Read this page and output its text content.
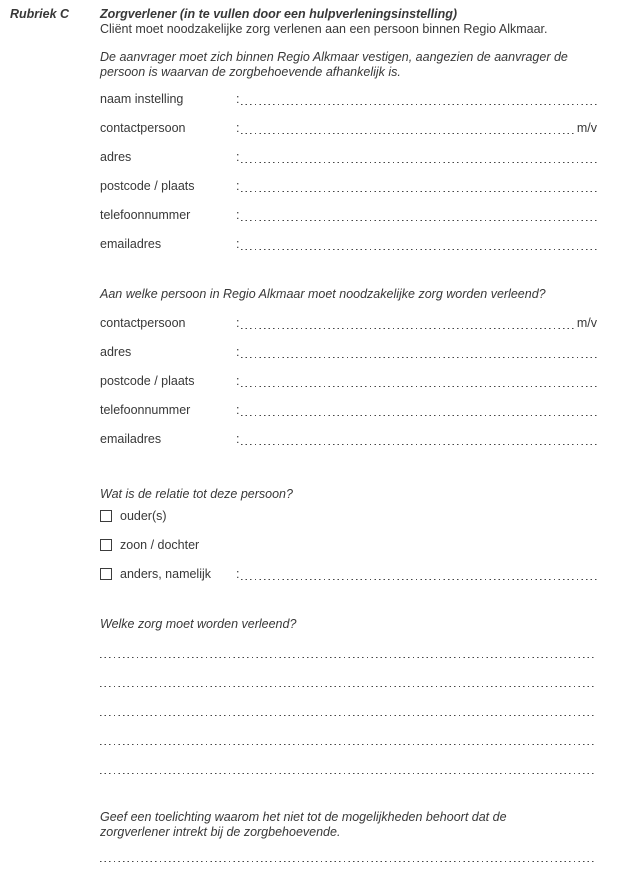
Rubriek C Zorgverlener (in te vullen door een hulpverleningsinstelling)
Cliënt moet noodzakelijke zorg verlenen aan een persoon binnen Regio Alkmaar.
De aanvrager moet zich binnen Regio Alkmaar vestigen, aangezien de aanvrager de persoon is waarvan de zorgbehoevende afhankelijk is.
naam instelling	:
contactpersoon	:	m/v
adres	:
postcode / plaats	:
telefoonnummer	:
emailadres	:
Aan welke persoon in Regio Alkmaar moet noodzakelijke zorg worden verleend?
contactpersoon	:	m/v
adres	:
postcode / plaats	:
telefoonnummer	:
emailadres	:
Wat is de relatie tot deze persoon?
ouder(s)
zoon / dochter
anders, namelijk	:
Welke zorg moet worden verleend?
Geef een toelichting waarom het niet tot de mogelijkheden behoort dat de zorgverlener intrekt bij de zorgbehoevende.
